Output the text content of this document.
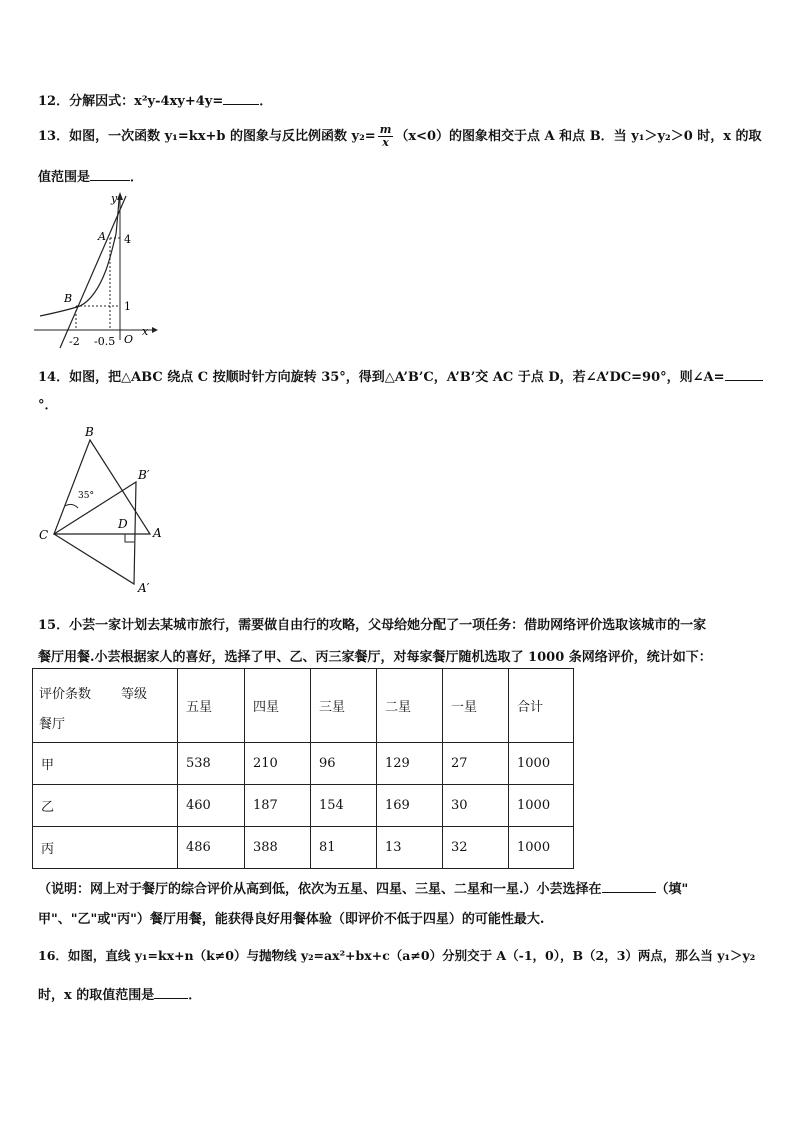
12．分解因式：x²y-4xy+4y=	．
13．如图，一次函数 y₁=kx+b 的图象与反比例函数 $y_2= \frac{m}{x} (x<0)$的图象相交于点 A 和点 B．当 y₁＞y₂＞0 时，x 的取
值范围是	．
y
x
O
A
B
4
1
-2 -0.5
14．如图，把△ABC 绕点 C 按顺时针方向旋转 35°，得到△A’B’C，A’B’交 AC 于点 D，若∠A’DC=90°，则∠A=
°．
B
B′
C
D
A
A′
35°
15．小芸一家计划去某城市旅行，需要做自由行的攻略，父母给她分配了一项任务：借助网络评价选取该城市的一家
餐厅用餐.小芸根据家人的喜好，选择了甲、乙、丙三家餐厅，对每家餐厅随机选取了 1000 条网络评价，统计如下：
评价条数 等级
餐厅	五星	四星	三星	二星	一星	合计
甲	538	210	96	129	27	1000
乙	460	187	154	169	30	1000
丙	486	388	81	13	32	1000
（说明：网上对于餐厅的综合评价从高到低，依次为五星、四星、三星、二星和一星.）小芸选择在	（填"
甲"、"乙"或"丙"）餐厅用餐，能获得良好用餐体验（即评价不低于四星）的可能性最大.
16．如图，直线 y₁=kx+n（k≠0）与抛物线 y₂=ax²+bx+c（a≠0）分别交于 A（-1，0），B（2，3）两点，那么当 y₁＞y₂
时，x 的取值范围是	．
